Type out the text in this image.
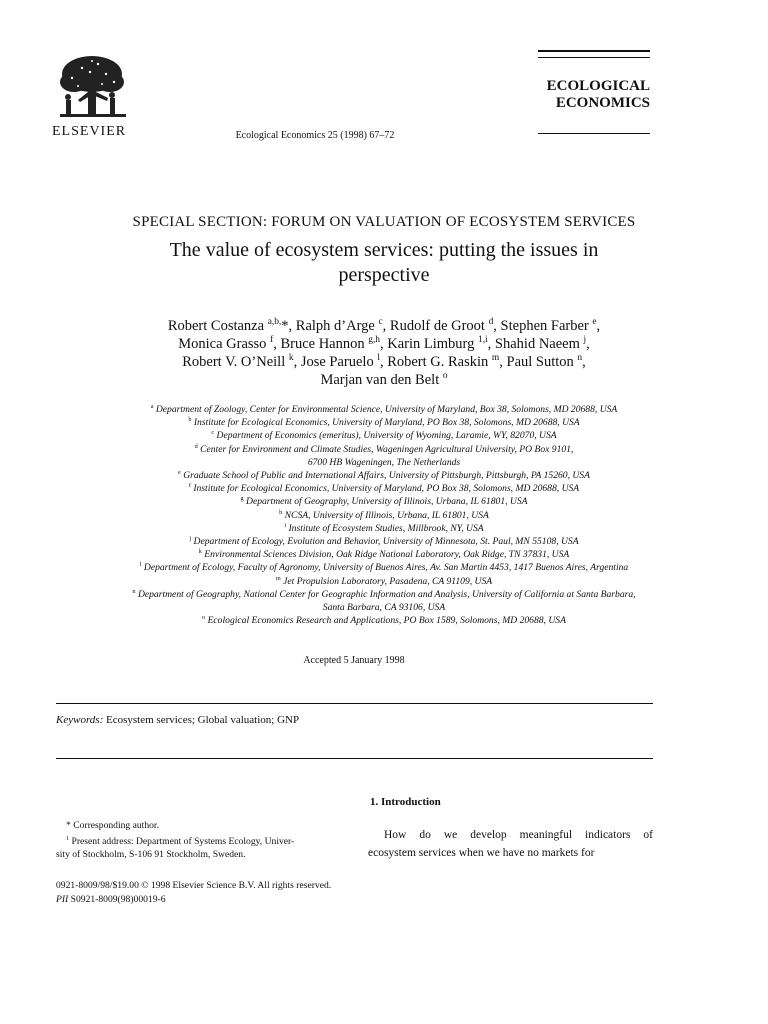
ELSEVIER	Ecological Economics 25 (1998) 67–72
ECOLOGICAL
ECONOMICS
SPECIAL SECTION: FORUM ON VALUATION OF ECOSYSTEM SERVICES
The value of ecosystem services: putting the issues in
perspective
Robert Costanza $^{a,b,}$*, Ralph d’Arge $^c$, Rudolf de Groot $^d$, Stephen Farber $^e$,
Monica Grasso $^f$, Bruce Hannon $^{g,h}$, Karin Limburg $^{1,i}$, Shahid Naeem $^j$,
Robert V. O’Neill $^k$, Jose Paruelo $^l$, Robert G. Raskin $^m$, Paul Sutton $^n$,
Marjan van den Belt $^o$
$^a$ Department of Zoology, Center for Environmental Science, University of Maryland, Box 38, Solomons, MD 20688, USA
$^b$ Institute for Ecological Economics, University of Maryland, PO Box 38, Solomons, MD 20688, USA
$^c$ Department of Economics (emeritus), University of Wyoming, Laramie, WY, 82070, USA
$^d$ Center for Environment and Climate Studies, Wageningen Agricultural University, PO Box 9101,
6700 HB Wageningen, The Netherlands
$^e$ Graduate School of Public and International Affairs, University of Pittsburgh, Pittsburgh, PA 15260, USA
$^f$ Institute for Ecological Economics, University of Maryland, PO Box 38, Solomons, MD 20688, USA
$^g$ Department of Geography, University of Illinois, Urbana, IL 61801, USA
$^h$ NCSA, University of Illinois, Urbana, IL 61801, USA
$^i$ Institute of Ecosystem Studies, Millbrook, NY, USA
$^j$ Department of Ecology, Evolution and Behavior, University of Minnesota, St. Paul, MN 55108, USA
$^k$ Environmental Sciences Division, Oak Ridge National Laboratory, Oak Ridge, TN 37831, USA
$^l$ Department of Ecology, Faculty of Agronomy, University of Buenos Aires, Av. San Martin 4453, 1417 Buenos Aires, Argentina
$^m$ Jet Propulsion Laboratory, Pasadena, CA 91109, USA
$^n$ Department of Geography, National Center for Geographic Information and Analysis, University of California at Santa Barbara,
Santa Barbara, CA 93106, USA
$^o$ Ecological Economics Research and Applications, PO Box 1589, Solomons, MD 20688, USA
Accepted 5 January 1998
Keywords: Ecosystem services; Global valuation; GNP
1. Introduction
How do we develop meaningful indicators of
ecosystem services when we have no markets for
* Corresponding author.
$^1$ Present address: Department of Systems Ecology, Univer-
sity of Stockholm, S-106 91 Stockholm, Sweden.
0921-8009/98/$19.00 © 1998 Elsevier Science B.V. All rights reserved.
PII S0921-8009(98)00019-6
